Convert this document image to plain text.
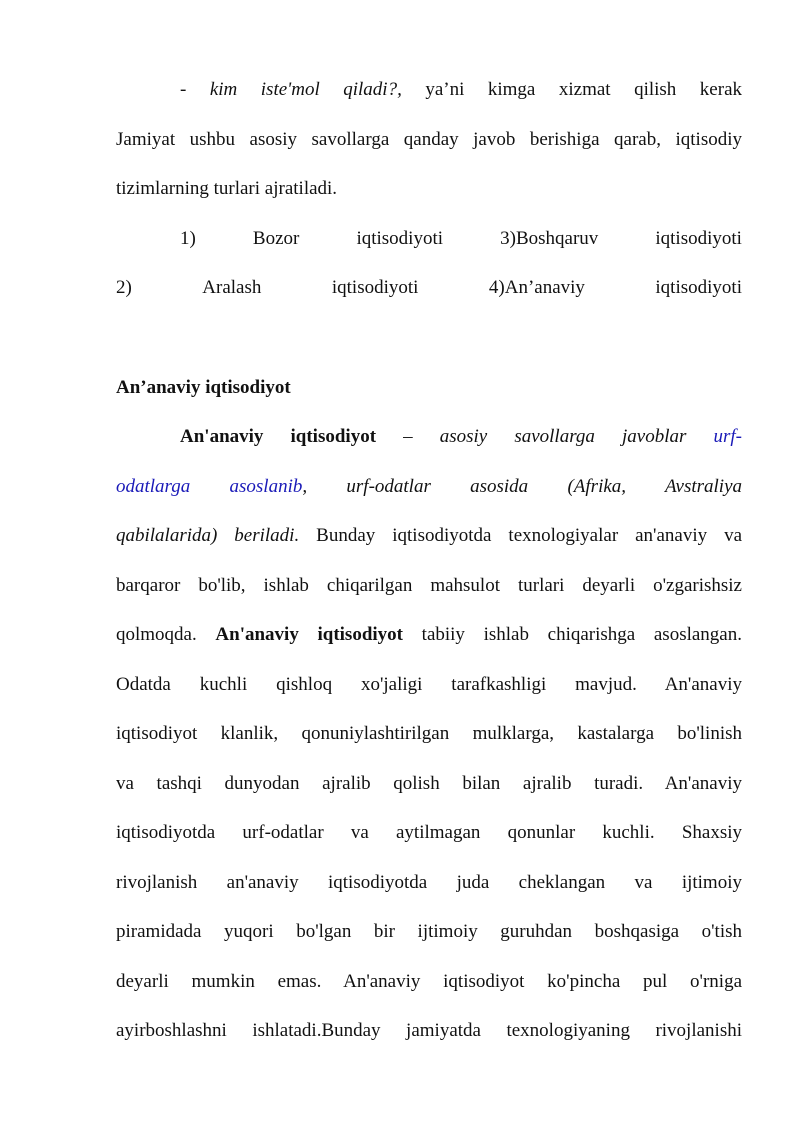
- kim iste'mol qiladi?, ya’ni kimga xizmat qilish kerak
Jamiyat ushbu asosiy savollarga qanday javob berishiga qarab, iqtisodiy
tizimlarning turlari ajratiladi.
1)	Bozor	iqtisodiyoti	3)Boshqaruv	iqtisodiyoti
2)	Aralash	iqtisodiyoti	4)An’anaviy	iqtisodiyoti
An’anaviy iqtisodiyot
An'anaviy iqtisodiyot – asosiy savollarga javoblar urf-
odatlarga asoslanib, urf-odatlar asosida (Afrika, Avstraliya
qabilalarida) beriladi. Bunday iqtisodiyotda texnologiyalar an'anaviy va
barqaror bo'lib, ishlab chiqarilgan mahsulot turlari deyarli o'zgarishsiz
qolmoqda. An'anaviy iqtisodiyot tabiiy ishlab chiqarishga asoslangan.
Odatda kuchli qishloq xo'jaligi tarafkashligi mavjud. An'anaviy
iqtisodiyot klanlik, qonuniylashtirilgan mulklarga, kastalarga bo'linish
va tashqi dunyodan ajralib qolish bilan ajralib turadi. An'anaviy
iqtisodiyotda urf-odatlar va aytilmagan qonunlar kuchli. Shaxsiy
rivojlanish an'anaviy iqtisodiyotda juda cheklangan va ijtimoiy
piramidada yuqori bo'lgan bir ijtimoiy guruhdan boshqasiga o'tish
deyarli mumkin emas. An'anaviy iqtisodiyot ko'pincha pul o'rniga
ayirboshlashni ishlatadi.Bunday jamiyatda texnologiyaning rivojlanishi
